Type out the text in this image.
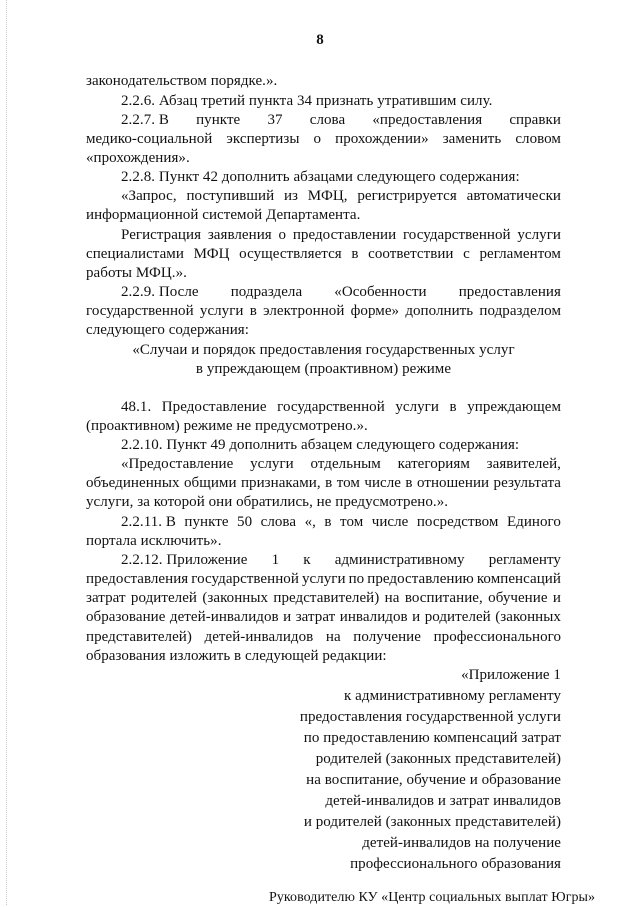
8
законодательством порядке.».
2.2.6. Абзац третий пункта 34 признать утратившим силу.
2.2.7. В пункте 37 слова «предоставления справки
медико-социальной экспертизы о прохождении» заменить словом
«прохождения».
2.2.8. Пункт 42 дополнить абзацами следующего содержания:
«Запрос, поступивший из МФЦ, регистрируется автоматически
информационной системой Департамента.
Регистрация заявления о предоставлении государственной услуги
специалистами МФЦ осуществляется в соответствии с регламентом
работы МФЦ.».
2.2.9. После подраздела «Особенности предоставления
государственной услуги в электронной форме» дополнить подразделом
следующего содержания:
«Случаи и порядок предоставления государственных услуг
в упреждающем (проактивном) режиме
48.1. Предоставление государственной услуги в упреждающем
(проактивном) режиме не предусмотрено.».
2.2.10. Пункт 49 дополнить абзацем следующего содержания:
«Предоставление услуги отдельным категориям заявителей,
объединенных общими признаками, в том числе в отношении результата
услуги, за которой они обратились, не предусмотрено.».
2.2.11. В пункте 50 слова «, в том числе посредством Единого
портала исключить».
2.2.12. Приложение 1 к административному регламенту
предоставления государственной услуги по предоставлению компенсаций
затрат родителей (законных представителей) на воспитание, обучение и
образование детей-инвалидов и затрат инвалидов и родителей (законных
представителей) детей-инвалидов на получение профессионального
образования изложить в следующей редакции:
«Приложение 1
к административному регламенту
предоставления государственной услуги
по предоставлению компенсаций затрат
родителей (законных представителей)
на воспитание, обучение и образование
детей-инвалидов и затрат инвалидов
и родителей (законных представителей)
детей-инвалидов на получение
профессионального образования
Руководителю КУ «Центр социальных выплат Югры»
